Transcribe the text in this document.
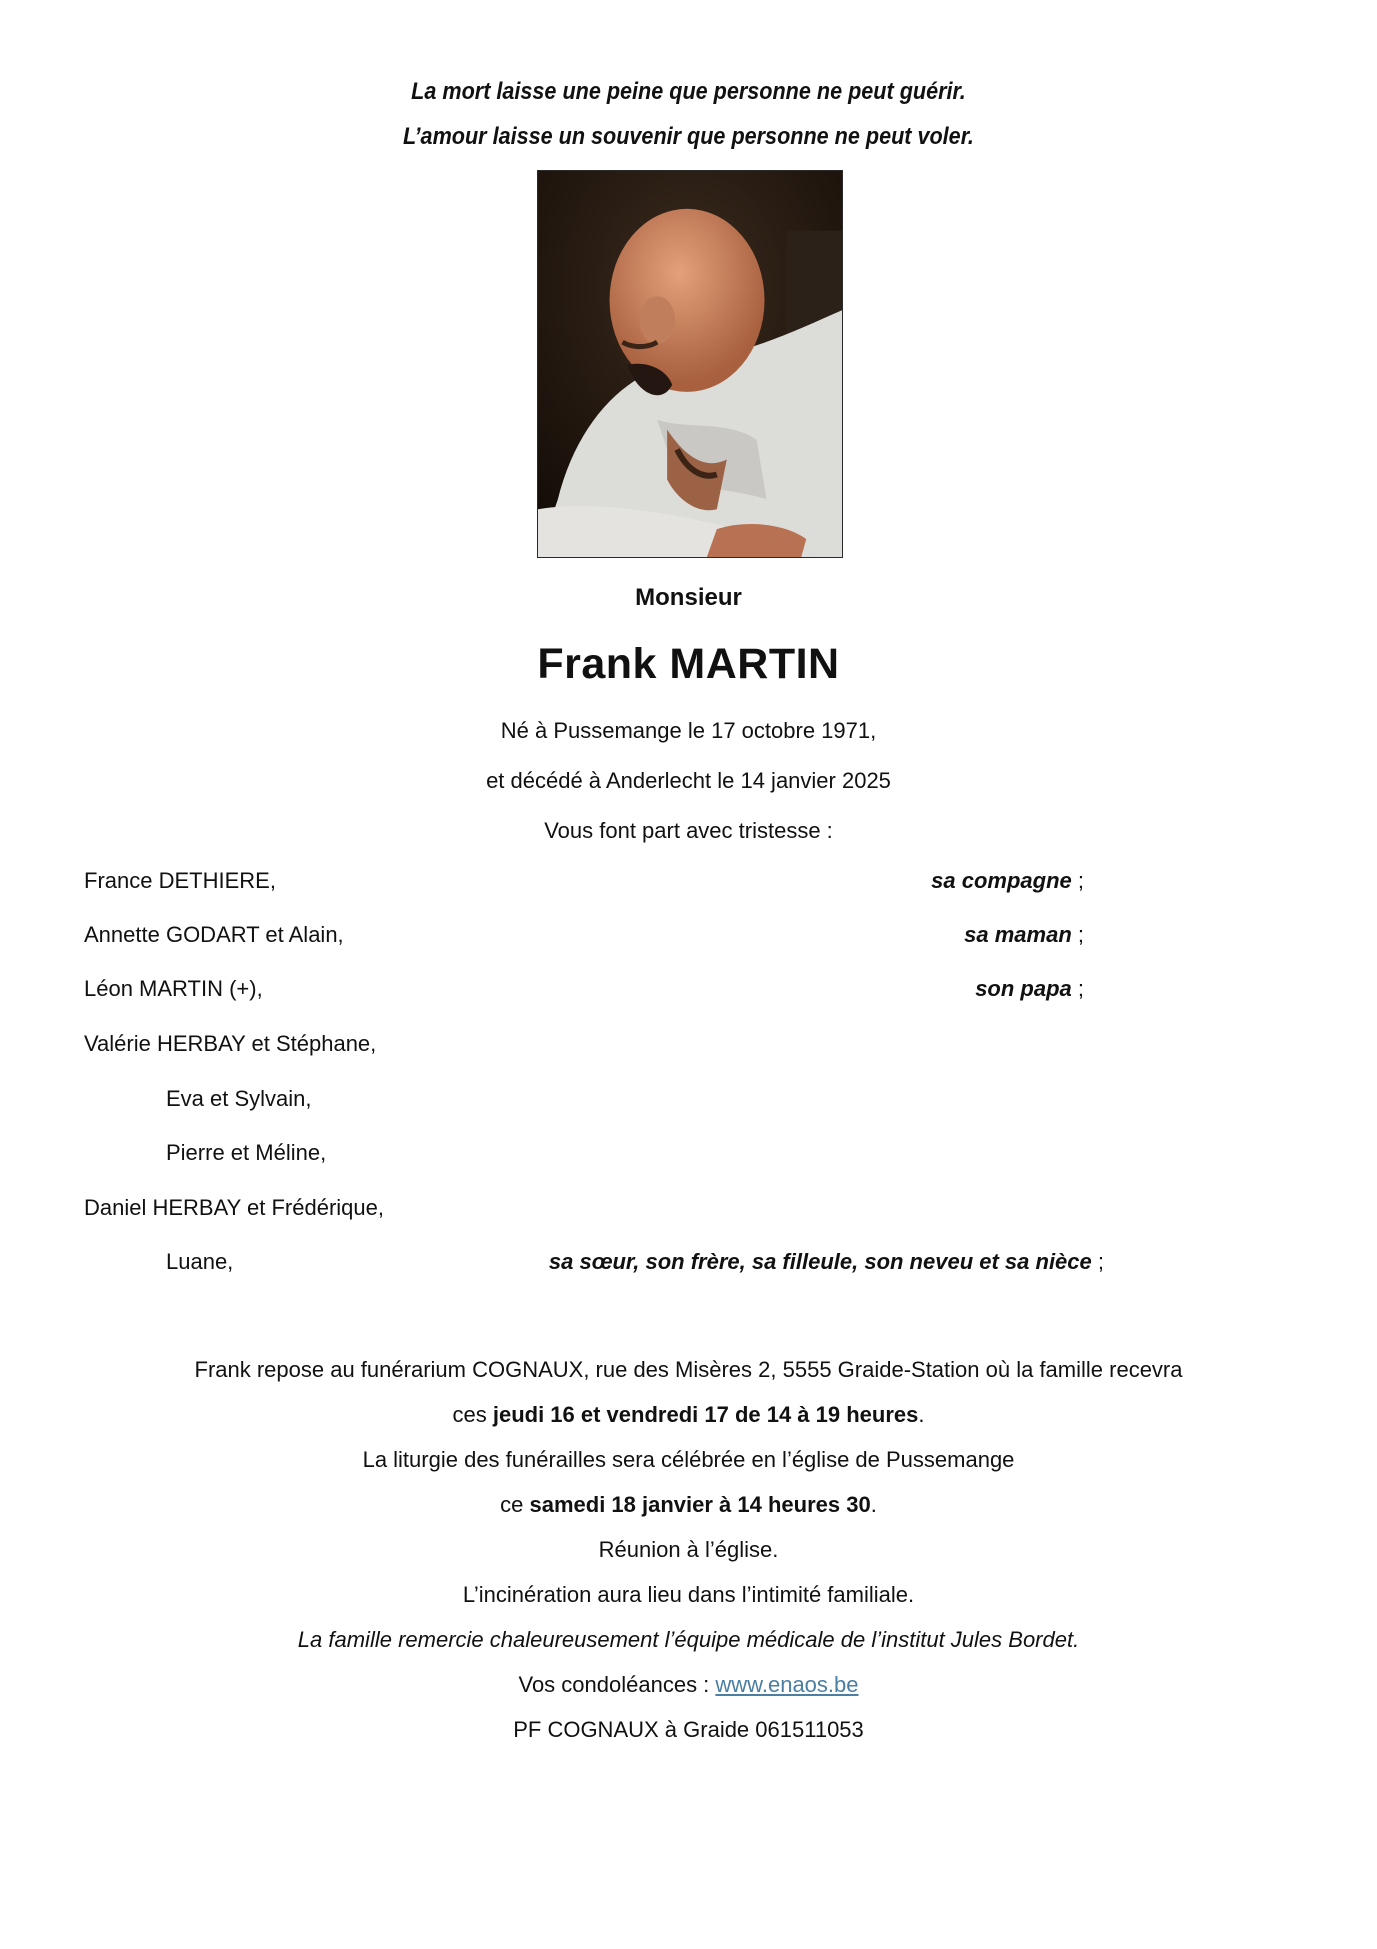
La mort laisse une peine que personne ne peut guérir.
L’amour laisse un souvenir que personne ne peut voler.
Monsieur
Frank MARTIN
Né à Pussemange le 17 octobre 1971,
et décédé à Anderlecht le 14 janvier 2025
Vous font part avec tristesse :
France DETHIERE,	sa compagne ;
Annette GODART et Alain,	sa maman ;
Léon MARTIN (+),	son papa ;
Valérie HERBAY et Stéphane,
Eva et Sylvain,
Pierre et Méline,
Daniel HERBAY et Frédérique,
Luane,	sa sœur, son frère, sa filleule, son neveu et sa nièce ;
Frank repose au funérarium COGNAUX, rue des Misères 2, 5555 Graide-Station où la famille recevra
ces jeudi 16 et vendredi 17 de 14 à 19 heures.
La liturgie des funérailles sera célébrée en l’église de Pussemange
ce samedi 18 janvier à 14 heures 30.
Réunion à l’église.
L’incinération aura lieu dans l’intimité familiale.
La famille remercie chaleureusement l’équipe médicale de l’institut Jules Bordet.
Vos condoléances : www.enaos.be
PF COGNAUX à Graide 061511053
